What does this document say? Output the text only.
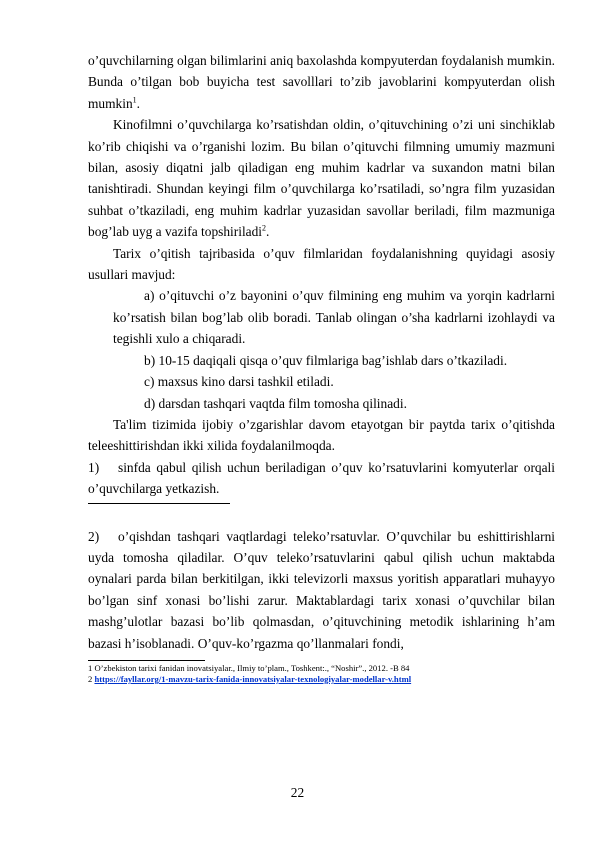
o’quvchilarning olgan bilimlarini aniq baxolashda kompyuterdan foydalanish mumkin. Bunda o’tilgan bob buyicha test savolllari to’zib javoblarini kompyuterdan olish mumkin$^1$.

Kinofilmni o’quvchilarga ko’rsatishdan oldin, o’qituvchining o’zi uni sinchiklab ko’rib chiqishi va o’rganishi lozim. Bu bilan o’qituvchi filmning umumiy mazmuni bilan, asosiy diqatni jalb qiladigan eng muhim kadrlar va suxandon matni bilan tanishtiradi. Shundan keyingi film o’quvchilarga ko’rsatiladi, so’ngra film yuzasidan suhbat o’tkaziladi, eng muhim kadrlar yuzasidan savollar beriladi, film mazmuniga bog’lab uyg a vazifa topshiriladi$^2$.

Tarix o’qitish tajribasida o’quv filmlaridan foydalanishning quyidagi asosiy usullari mavjud:

a) o’qituvchi o’z bayonini o’quv filmining eng muhim va yorqin kadrlarni ko’rsatish bilan bog’lab olib boradi. Tanlab olingan o’sha kadrlarni izohlaydi va tegishli xulo a chiqaradi.

b) 10-15 daqiqali qisqa o’quv filmlariga bag’ishlab dars o’tkaziladi.

c) maxsus kino darsi tashkil etiladi.

d) darsdan tashqari vaqtda film tomosha qilinadi.

Ta'lim tizimida ijobiy o’zgarishlar davom etayotgan bir paytda tarix o’qitishda teleeshittirishdan ikki xilida foydalanilmoqda.

1) sinfda qabul qilish uchun beriladigan o’quv ko’rsatuvlarini komyuterlar orqali o’quvchilarga yetkazish.

2) o’qishdan tashqari vaqtlardagi teleko’rsatuvlar. O’quvchilar bu eshittirishlarni uyda tomosha qiladilar. O’quv teleko’rsatuvlarini qabul qilish uchun maktabda oynalari parda bilan berkitilgan, ikki televizorli maxsus yoritish apparatlari muhayyo bo’lgan sinf xonasi bo’lishi zarur. Maktablardagi tarix xonasi o’quvchilar bilan mashg’ulotlar bazasi bo’lib qolmasdan, o’qituvchining metodik ishlarining h’am bazasi h’isoblanadi. O’quv-ko’rgazma qo’llanmalari fondi,

1 O’zbekiston tarixi fanidan inovatsiyalar., Ilmiy to’plam., Toshkent:., “Noshir”., 2012. -B 84

2 https://fayllar.org/1-mavzu-tarix-fanida-innovatsiyalar-texnologiyalar-modellar-v.html

22
